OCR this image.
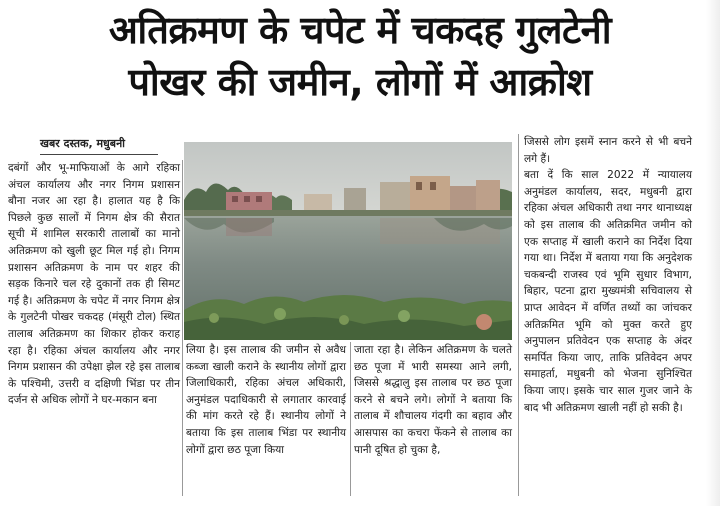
अतिक्रमण के चपेट में चकदह गुलटेनी
पोखर की जमीन, लोगों में आक्रोश
खबर दस्तक, मधुबनी

दबंगों और भू-माफियाओं के आगे रहिका अंचल कार्यालय और नगर निगम प्रशासन बौना नजर आ रहा है। हालात यह है कि पिछले कुछ सालों में निगम क्षेत्र की सैरात सूची में शामिल सरकारी तालाबों का मानो अतिक्रमण को खुली छूट मिल गई हो। निगम प्रशासन अतिक्रमण के नाम पर शहर की सड़क किनारे चल रहे दुकानों तक ही सिमट गई है। अतिक्रमण के चपेट में नगर निगम क्षेत्र के गुलटेनी पोखर चकदह (मंसूरी टोल) स्थित तालाब अतिक्रमण का शिकार होकर कराह रहा है। रहिका अंचल कार्यालय और नगर निगम प्रशासन की उपेक्षा झेल रहे इस तालाब के पश्चिमी, उत्तरी व दक्षिणी भिंडा पर तीन दर्जन से अधिक लोगों ने घर-मकान बना

लिया है। इस तालाब की जमीन से अवैध कब्जा खाली कराने के स्थानीय लोगों द्वारा जिलाधिकारी, रहिका अंचल अधिकारी, अनुमंडल पदाधिकारी से लगातार कारवाई की मांग करते रहे हैं। स्थानीय लोगों ने बताया कि इस तालाब भिंडा पर स्थानीय लोगों द्वारा छठ पूजा किया

जाता रहा है। लेकिन अतिक्रमण के चलते छठ पूजा में भारी समस्या आने लगी, जिससे श्रद्धालु इस तालाब पर छठ पूजा करने से बचने लगे। लोगों ने बताया कि तालाब में शौचालय गंदगी का बहाव और आसपास का कचरा फेंकने से तालाब का पानी दूषित हो चुका है,

जिससे लोग इसमें स्नान करने से भी बचने लगे हैं।

बता दें कि साल 2022 में न्यायालय अनुमंडल कार्यालय, सदर, मधुबनी द्वारा रहिका अंचल अधिकारी तथा नगर थानाध्यक्ष को इस तालाब की अतिक्रमित जमीन को एक सप्ताह में खाली कराने का निर्देश दिया गया था। निर्देश में बताया गया कि अनुदेशक चकबन्दी राजस्व एवं भूमि सुधार विभाग, बिहार, पटना द्वारा मुख्यमंत्री सचिवालय से प्राप्त आवेदन में वर्णित तथ्यों का जांचकर अतिक्रमित भूमि को मुक्त करते हुए अनुपालन प्रतिवेदन एक सप्ताह के अंदर समर्पित किया जाए, ताकि प्रतिवेदन अपर समाहर्ता, मधुबनी को भेजना सुनिश्चित किया जाए। इसके चार साल गुजर जाने के बाद भी अतिक्रमण खाली नहीं हो सकी है।
